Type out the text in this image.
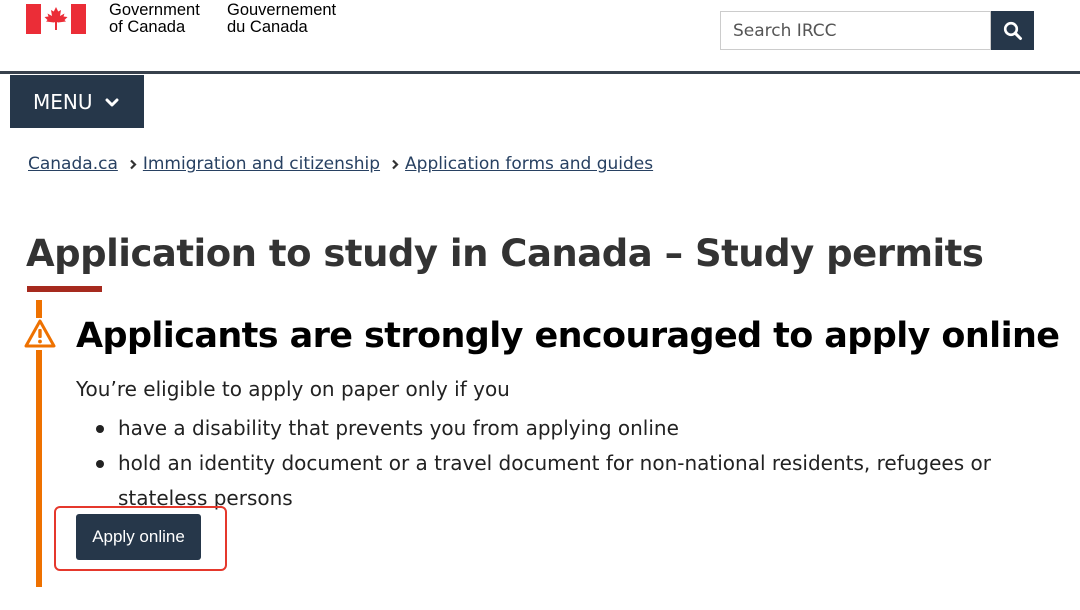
Government
of Canada
Gouvernement
du Canada
Search IRCC
MENU
Canada.ca Immigration and citizenship Application forms and guides
Application to study in Canada – Study permits
Applicants are strongly encouraged to apply online

You’re eligible to apply on paper only if you

have a disability that prevents you from applying online
hold an identity document or a travel document for non-national residents, refugees or stateless persons
Apply online
